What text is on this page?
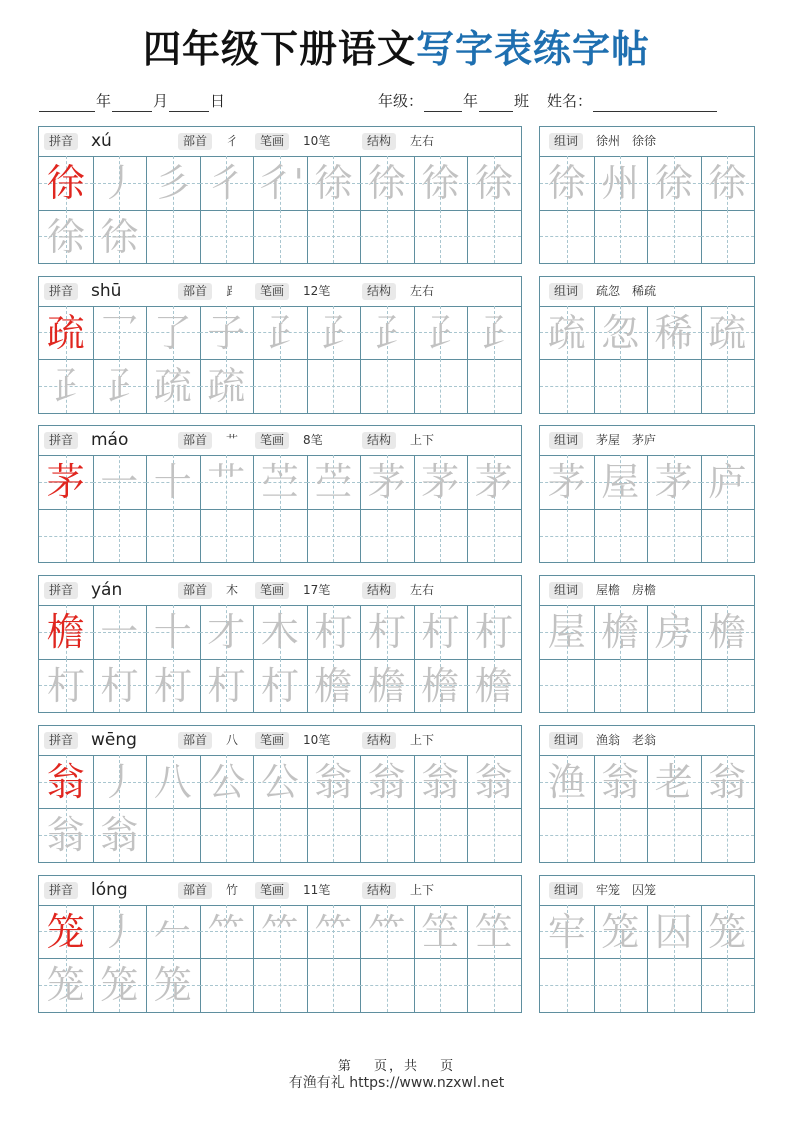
四年级下册语文写字表练字帖
年	月	日	年级：	年 班 姓名：
拼音 xú	部首	彳	笔画	10笔	结构	左右
徐 丿 彡 彳 彳' 徐 徐 徐 徐
徐 徐
组词	徐州　徐徐
徐 州 徐 徐
拼音 shū	部首	⻊	笔画	12笔	结构	左右
疏 乛 了 子 𤴔 𤴔 𤴔 𤴔 𤴔
𤴔 𤴔 疏 疏
组词	疏忽　稀疏
疏 忽 稀 疏
拼音 máo	部首	艹	笔画	8笔	结构	上下
茅 一 十 艹 苎 苎 茅 茅 茅
组词	茅屋　茅庐
茅 屋 茅 庐
拼音 yán	部首	木	笔画	17笔	结构	左右
檐 一 十 才 木 朾 朾 朾 朾
朾 朾 朾 朾 朾 檐 檐 檐 檐
组词	屋檐　房檐
屋 檐 房 檐
拼音 wēng	部首	八	笔画	10笔	结构	上下
翁 丿 八 公 公 翁 翁 翁 翁
翁 翁
组词	渔翁　老翁
渔 翁 老 翁
拼音 lóng	部首	竹	笔画	11笔	结构	上下
笼 丿 𠂉 ⺮ ⺮ ⺮ ⺮ 笁 笁
笼 笼 笼
组词	牢笼　囚笼
牢 笼 囚 笼
第　 页，共　 页
有渔有礼 https://www.nzxwl.net
